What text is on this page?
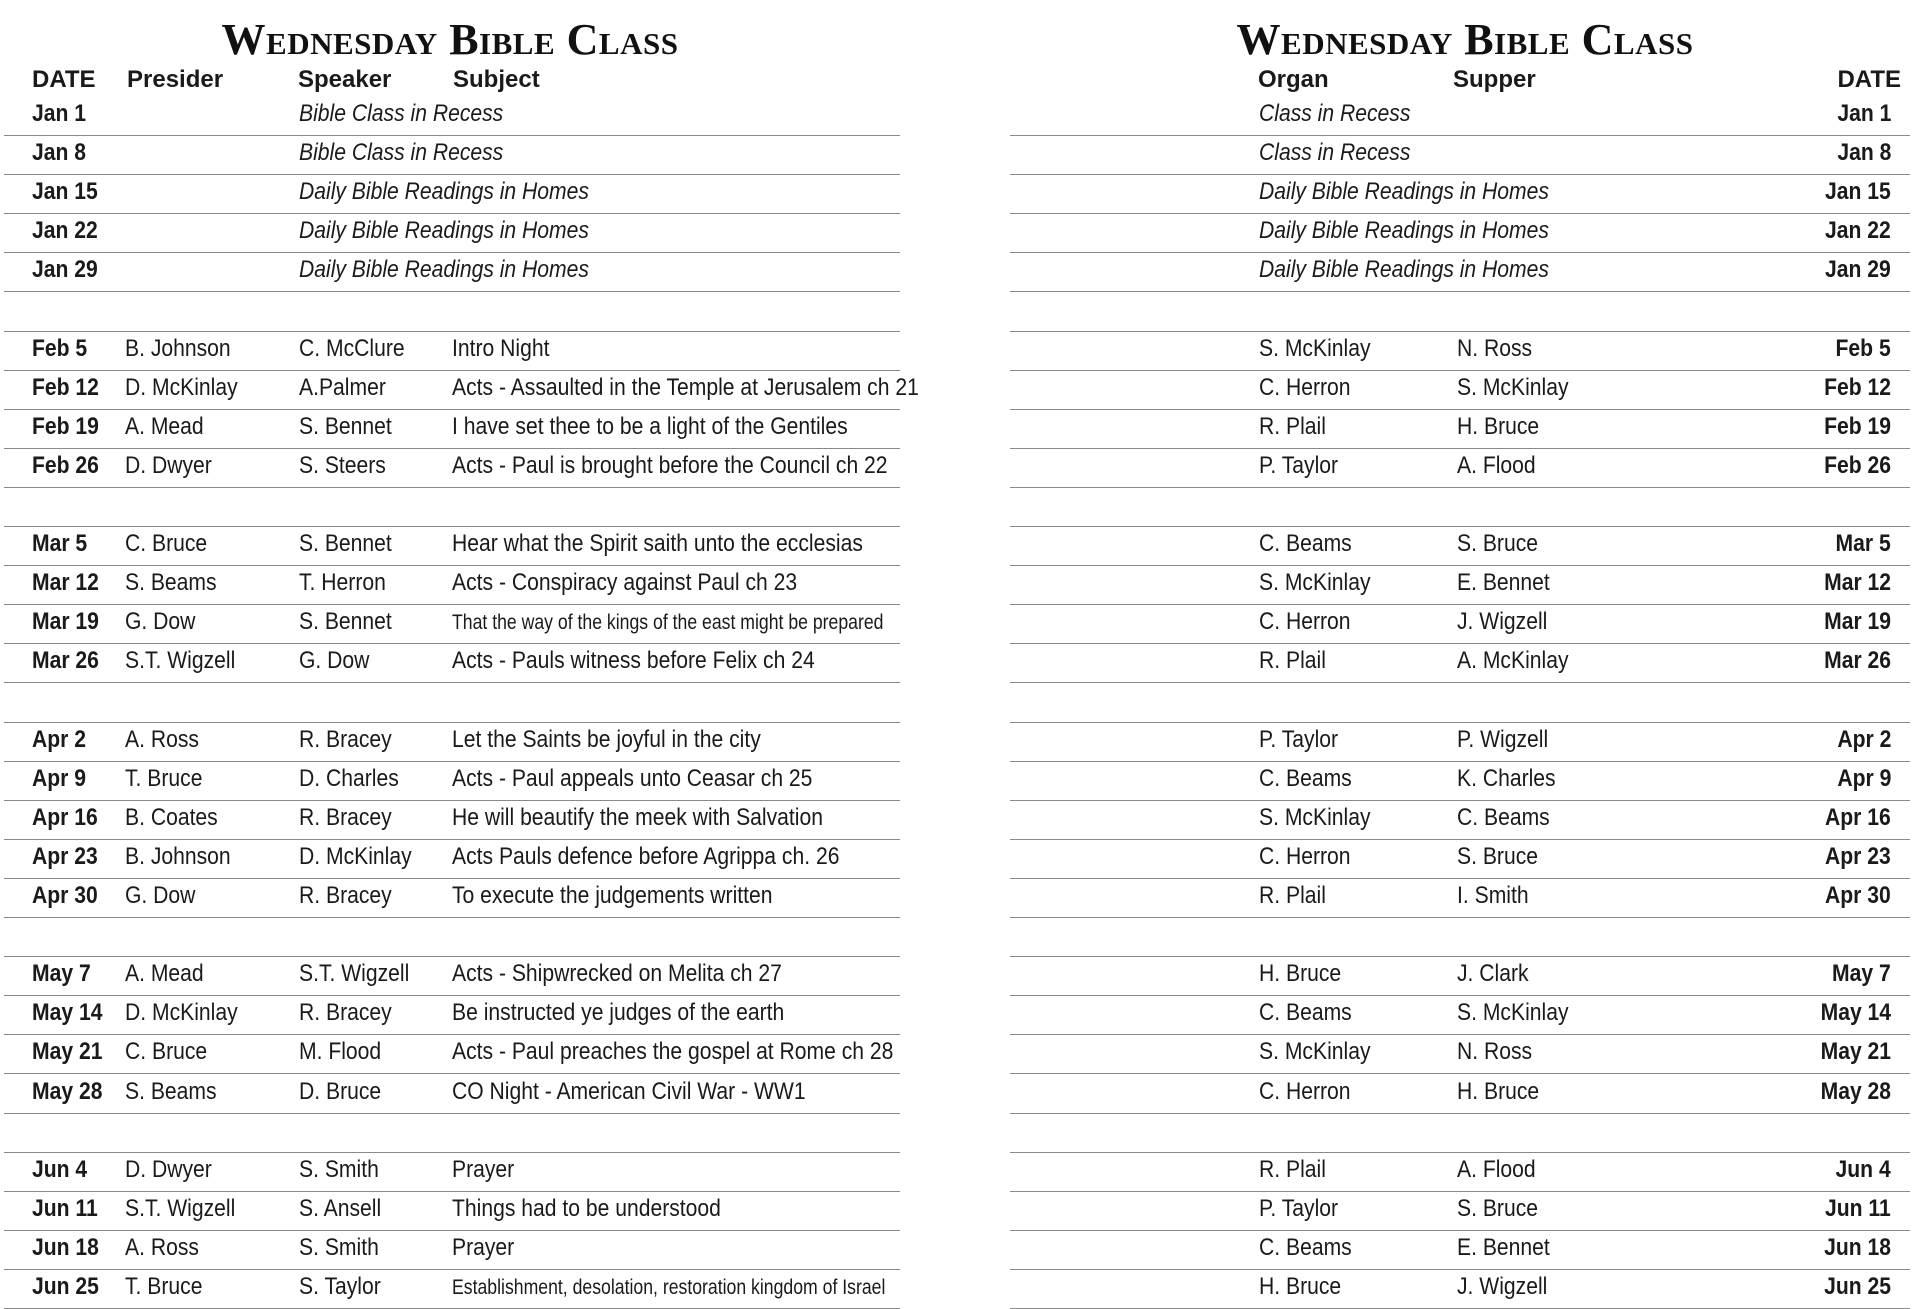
Wednesday Bible Class
DATE Presider	Speaker	Subject
Jan 1	Bible Class in Recess
Jan 8	Bible Class in Recess
Jan 15	Daily Bible Readings in Homes
Jan 22	Daily Bible Readings in Homes
Jan 29	Daily Bible Readings in Homes
Feb 5 B. Johnson	C. McClure Intro Night
Feb 12 D. McKinlay	A.Palmer	Acts - Assaulted in the Temple at Jerusalem ch 21
Feb 19 A. Mead	S. Bennet	I have set thee to be a light of the Gentiles
Feb 26 D. Dwyer	S. Steers	Acts - Paul is brought before the Council ch 22
Mar 5 C. Bruce	S. Bennet	Hear what the Spirit saith unto the ecclesias
Mar 12 S. Beams	T. Herron	Acts - Conspiracy against Paul ch 23
Mar 19 G. Dow	S. Bennet	That the way of the kings of the east might be prepared
Mar 26 S.T. Wigzell	G. Dow	Acts - Pauls witness before Felix ch 24
Apr 2 A. Ross	R. Bracey	Let the Saints be joyful in the city
Apr 9 T. Bruce	D. Charles Acts - Paul appeals unto Ceasar ch 25
Apr 16 B. Coates	R. Bracey	He will beautify the meek with Salvation
Apr 23 B. Johnson	D. McKinlay Acts Pauls defence before Agrippa ch. 26
Apr 30 G. Dow	R. Bracey	To execute the judgements written
May 7 A. Mead	S.T. Wigzell Acts - Shipwrecked on Melita ch 27
May 14 D. McKinlay	R. Bracey	Be instructed ye judges of the earth
May 21 C. Bruce	M. Flood	Acts - Paul preaches the gospel at Rome ch 28
May 28 S. Beams	D. Bruce	CO Night - American Civil War - WW1
Jun 4 D. Dwyer	S. Smith	Prayer
Jun 11 S.T. Wigzell	S. Ansell	Things had to be understood
Jun 18 A. Ross	S. Smith	Prayer
Jun 25 T. Bruce	S. Taylor	Establishment, desolation, restoration kingdom of Israel
Wednesday Bible Class
Organ	Supper	DATE
Class in Recess	Jan 1
Class in Recess	Jan 8
Daily Bible Readings in Homes	Jan 15
Daily Bible Readings in Homes	Jan 22
Daily Bible Readings in Homes	Jan 29
S. McKinlay	N. Ross	Feb 5
C. Herron	S. McKinlay	Feb 12
R. Plail	H. Bruce	Feb 19
P. Taylor	A. Flood	Feb 26
C. Beams	S. Bruce	Mar 5
S. McKinlay	E. Bennet	Mar 12
C. Herron	J. Wigzell	Mar 19
R. Plail	A. McKinlay	Mar 26
P. Taylor	P. Wigzell	Apr 2
C. Beams	K. Charles	Apr 9
S. McKinlay	C. Beams	Apr 16
C. Herron	S. Bruce	Apr 23
R. Plail	I. Smith	Apr 30
H. Bruce	J. Clark	May 7
C. Beams	S. McKinlay	May 14
S. McKinlay	N. Ross	May 21
C. Herron	H. Bruce	May 28
R. Plail	A. Flood	Jun 4
P. Taylor	S. Bruce	Jun 11
C. Beams	E. Bennet	Jun 18
H. Bruce	J. Wigzell	Jun 25
